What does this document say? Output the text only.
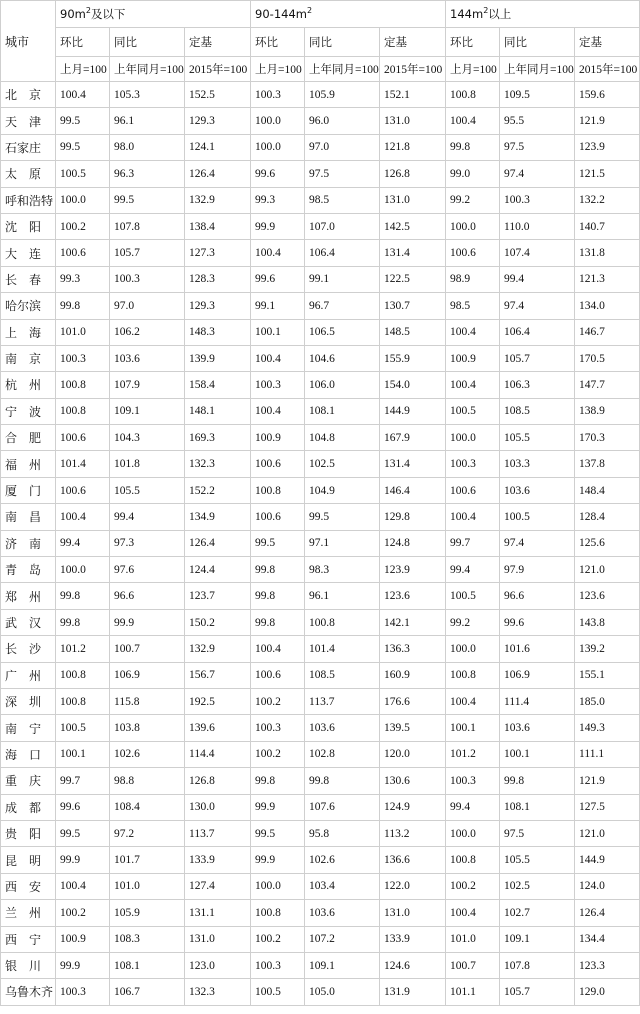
城市	$90m^2$及以下			$90-144m^2$			$144m^2$以上		
	环比	同比	定基	环比	同比	定基	环比	同比	定基
	上月=100	上年同月=100	2015年=100	上月=100	上年同月=100	2015年=100	上月=100	上年同月=100	2015年=100
北　京	100.4	105.3	152.5	100.3	105.9	152.1	100.8	109.5	159.6
天　津	99.5	96.1	129.3	100.0	96.0	131.0	100.4	95.5	121.9
石家庄	99.5	98.0	124.1	100.0	97.0	121.8	99.8	97.5	123.9
太　原	100.5	96.3	126.4	99.6	97.5	126.8	99.0	97.4	121.5
呼和浩特	100.0	99.5	132.9	99.3	98.5	131.0	99.2	100.3	132.2
沈　阳	100.2	107.8	138.4	99.9	107.0	142.5	100.0	110.0	140.7
大　连	100.6	105.7	127.3	100.4	106.4	131.4	100.6	107.4	131.8
长　春	99.3	100.3	128.3	99.6	99.1	122.5	98.9	99.4	121.3
哈尔滨	99.8	97.0	129.3	99.1	96.7	130.7	98.5	97.4	134.0
上　海	101.0	106.2	148.3	100.1	106.5	148.5	100.4	106.4	146.7
南　京	100.3	103.6	139.9	100.4	104.6	155.9	100.9	105.7	170.5
杭　州	100.8	107.9	158.4	100.3	106.0	154.0	100.4	106.3	147.7
宁　波	100.8	109.1	148.1	100.4	108.1	144.9	100.5	108.5	138.9
合　肥	100.6	104.3	169.3	100.9	104.8	167.9	100.0	105.5	170.3
福　州	101.4	101.8	132.3	100.6	102.5	131.4	100.3	103.3	137.8
厦　门	100.6	105.5	152.2	100.8	104.9	146.4	100.6	103.6	148.4
南　昌	100.4	99.4	134.9	100.6	99.5	129.8	100.4	100.5	128.4
济　南	99.4	97.3	126.4	99.5	97.1	124.8	99.7	97.4	125.6
青　岛	100.0	97.6	124.4	99.8	98.3	123.9	99.4	97.9	121.0
郑　州	99.8	96.6	123.7	99.8	96.1	123.6	100.5	96.6	123.6
武　汉	99.8	99.9	150.2	99.8	100.8	142.1	99.2	99.6	143.8
长　沙	101.2	100.7	132.9	100.4	101.4	136.3	100.0	101.6	139.2
广　州	100.8	106.9	156.7	100.6	108.5	160.9	100.8	106.9	155.1
深　圳	100.8	115.8	192.5	100.2	113.7	176.6	100.4	111.4	185.0
南　宁	100.5	103.8	139.6	100.3	103.6	139.5	100.1	103.6	149.3
海　口	100.1	102.6	114.4	100.2	102.8	120.0	101.2	100.1	111.1
重　庆	99.7	98.8	126.8	99.8	99.8	130.6	100.3	99.8	121.9
成　都	99.6	108.4	130.0	99.9	107.6	124.9	99.4	108.1	127.5
贵　阳	99.5	97.2	113.7	99.5	95.8	113.2	100.0	97.5	121.0
昆　明	99.9	101.7	133.9	99.9	102.6	136.6	100.8	105.5	144.9
西　安	100.4	101.0	127.4	100.0	103.4	122.0	100.2	102.5	124.0
兰　州	100.2	105.9	131.1	100.8	103.6	131.0	100.4	102.7	126.4
西　宁	100.9	108.3	131.0	100.2	107.2	133.9	101.0	109.1	134.4
银　川	99.9	108.1	123.0	100.3	109.1	124.6	100.7	107.8	123.3
乌鲁木齐	100.3	106.7	132.3	100.5	105.0	131.9	101.1	105.7	129.0
